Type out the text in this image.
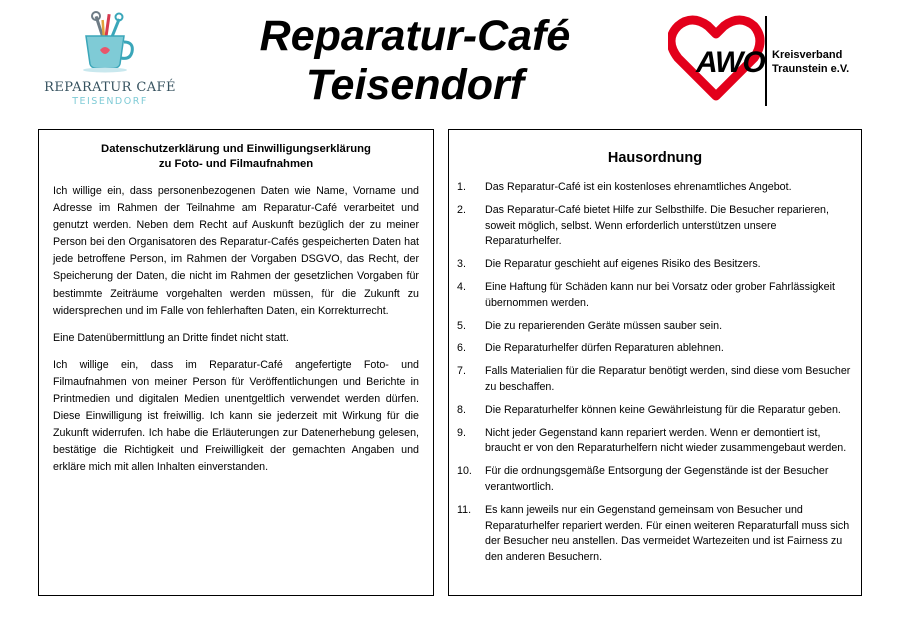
REPARATUR CAFÉ
TEISENDORF
Reparatur-Café
Teisendorf	AWO Kreisverband
Traunstein e.V.
Datenschutzerklärung und Einwilligungserklärung
zu Foto- und Filmaufnahmen

Ich willige ein, dass personenbezogenen Daten wie Name, Vorname und Adresse im Rahmen der Teilnahme am Reparatur-Café verarbeitet und genutzt werden. Neben dem Recht auf Auskunft bezüglich der zu meiner Person bei den Organisatoren des Reparatur-Cafés gespeicherten Daten hat jede betroffene Person, im Rahmen der Vorgaben DSGVO, das Recht, der Speicherung der Daten, die nicht im Rahmen der gesetzlichen Vorgaben für bestimmte Zeiträume vorgehalten werden müssen, für die Zukunft zu widersprechen und im Falle von fehlerhaften Daten, ein Korrekturrecht.

Eine Datenübermittlung an Dritte findet nicht statt.

Ich willige ein, dass im Reparatur-Café angefertigte Foto- und Filmaufnahmen von meiner Person für Veröffentlichungen und Berichte in Printmedien und digitalen Medien unentgeltlich verwendet werden dürfen. Diese Einwilligung ist freiwillig. Ich kann sie jederzeit mit Wirkung für die Zukunft widerrufen. Ich habe die Erläuterungen zur Datenerhebung gelesen, bestätige die Richtigkeit und Freiwilligkeit der gemachten Angaben und erkläre mich mit allen Inhalten einverstanden.

Hausordnung
1.	Das Reparatur-Café ist ein kostenloses ehrenamtliches Angebot.
2.	Das Reparatur-Café bietet Hilfe zur Selbsthilfe. Die Besucher reparieren, soweit möglich, selbst. Wenn erforderlich unterstützen unsere Reparaturhelfer.
3.	Die Reparatur geschieht auf eigenes Risiko des Besitzers.
4.	Eine Haftung für Schäden kann nur bei Vorsatz oder grober Fahrlässigkeit übernommen werden.
5.	Die zu reparierenden Geräte müssen sauber sein.
6.	Die Reparaturhelfer dürfen Reparaturen ablehnen.
7.	Falls Materialien für die Reparatur benötigt werden, sind diese vom Besucher zu beschaffen.
8.	Die Reparaturhelfer können keine Gewährleistung für die Reparatur geben.
9.	Nicht jeder Gegenstand kann repariert werden. Wenn er demontiert ist, braucht er von den Reparaturhelfern nicht wieder zusammengebaut werden.
10.	Für die ordnungsgemäße Entsorgung der Gegenstände ist der Besucher verantwortlich.
11.	Es kann jeweils nur ein Gegenstand gemeinsam von Besucher und Reparaturhelfer repariert werden. Für einen weiteren Reparaturfall muss sich der Besucher neu anstellen. Das vermeidet Wartezeiten und ist Fairness zu den anderen Besuchern.
